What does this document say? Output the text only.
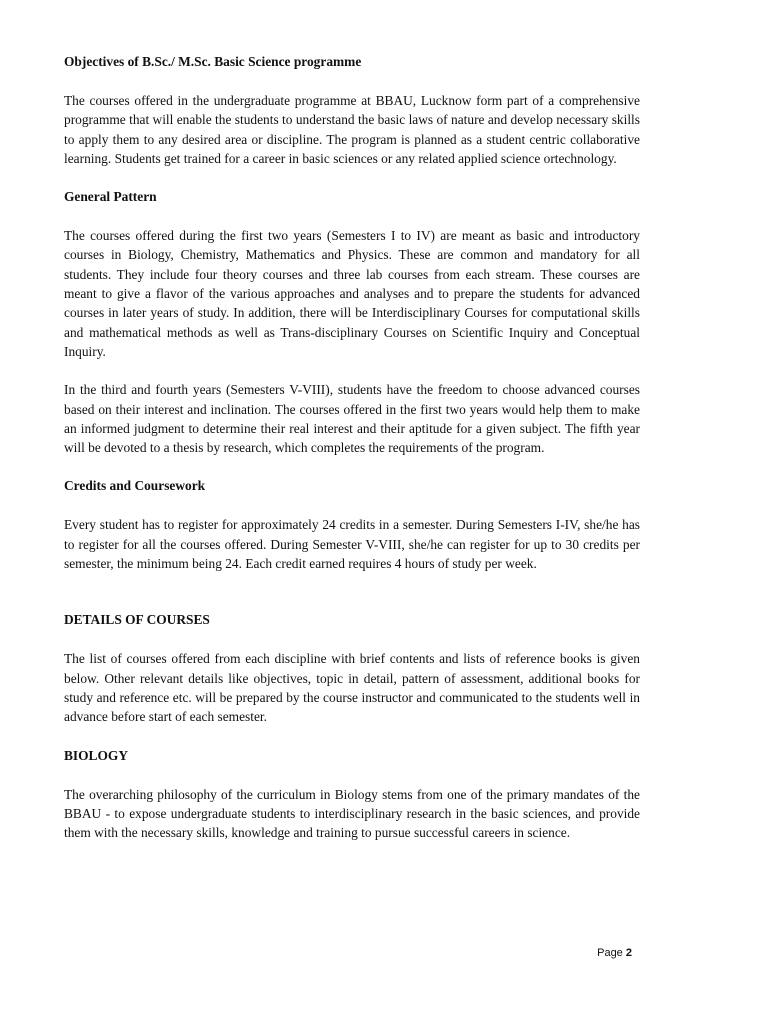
Objectives of B.Sc./ M.Sc. Basic Science programme

The courses offered in the undergraduate programme at BBAU, Lucknow form part of a comprehensive programme that will enable the students to understand the basic laws of nature and develop necessary skills to apply them to any desired area or discipline. The program is planned as a student centric collaborative learning. Students get trained for a career in basic sciences or any related applied science ortechnology.

General Pattern

The courses offered during the first two years (Semesters I to IV) are meant as basic and introductory courses in Biology, Chemistry, Mathematics and Physics. These are common and mandatory for all students. They include four theory courses and three lab courses from each stream. These courses are meant to give a flavor of the various approaches and analyses and to prepare the students for advanced courses in later years of study. In addition, there will be Interdisciplinary Courses for computational skills and mathematical methods as well as Trans-disciplinary Courses on Scientific Inquiry and Conceptual Inquiry.

In the third and fourth years (Semesters V-VIII), students have the freedom to choose advanced courses based on their interest and inclination. The courses offered in the first two years would help them to make an informed judgment to determine their real interest and their aptitude for a given subject. The fifth year will be devoted to a thesis by research, which completes the requirements of the program.

Credits and Coursework

Every student has to register for approximately 24 credits in a semester. During Semesters I-IV, she/he has to register for all the courses offered. During Semester V-VIII, she/he can register for up to 30 credits per semester, the minimum being 24. Each credit earned requires 4 hours of study per week.

DETAILS OF COURSES

The list of courses offered from each discipline with brief contents and lists of reference books is given below. Other relevant details like objectives, topic in detail, pattern of assessment, additional books for study and reference etc. will be prepared by the course instructor and communicated to the students well in advance before start of each semester.

BIOLOGY

The overarching philosophy of the curriculum in Biology stems from one of the primary mandates of the BBAU - to expose undergraduate students to interdisciplinary research in the basic sciences, and provide them with the necessary skills, knowledge and training to pursue successful careers in science.

Page 2
